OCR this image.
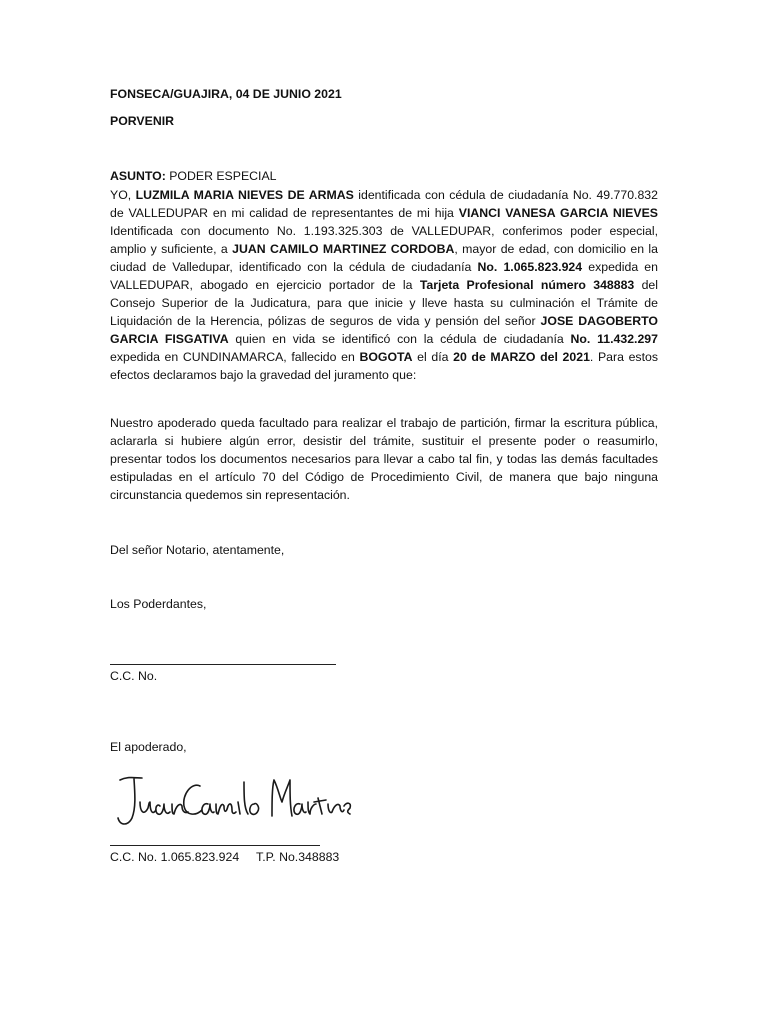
FONSECA/GUAJIRA, 04 DE JUNIO 2021
PORVENIR
ASUNTO: PODER ESPECIAL
YO, LUZMILA MARIA NIEVES DE ARMAS identificada con cédula de ciudadanía No. 49.770.832 de VALLEDUPAR en mi calidad de representantes de mi hija VIANCI VANESA GARCIA NIEVES Identificada con documento No. 1.193.325.303 de VALLEDUPAR, conferimos poder especial, amplio y suficiente, a JUAN CAMILO MARTINEZ CORDOBA, mayor de edad, con domicilio en la ciudad de Valledupar, identificado con la cédula de ciudadanía No. 1.065.823.924 expedida en VALLEDUPAR, abogado en ejercicio portador de la Tarjeta Profesional número 348883 del Consejo Superior de la Judicatura, para que inicie y lleve hasta su culminación el Trámite de Liquidación de la Herencia, pólizas de seguros de vida y pensión del señor JOSE DAGOBERTO GARCIA FISGATIVA quien en vida se identificó con la cédula de ciudadanía No. 11.432.297 expedida en CUNDINAMARCA, fallecido en BOGOTA el día 20 de MARZO del 2021. Para estos efectos declaramos bajo la gravedad del juramento que:
Nuestro apoderado queda facultado para realizar el trabajo de partición, firmar la escritura pública, aclararla si hubiere algún error, desistir del trámite, sustituir el presente poder o reasumirlo, presentar todos los documentos necesarios para llevar a cabo tal fin, y todas las demás facultades estipuladas en el artículo 70 del Código de Procedimiento Civil, de manera que bajo ninguna circunstancia quedemos sin representación.
Del señor Notario, atentamente,
Los Poderdantes,
C.C. No.
El apoderado,
C.C. No. 1.065.823.924     T.P. No.348883
